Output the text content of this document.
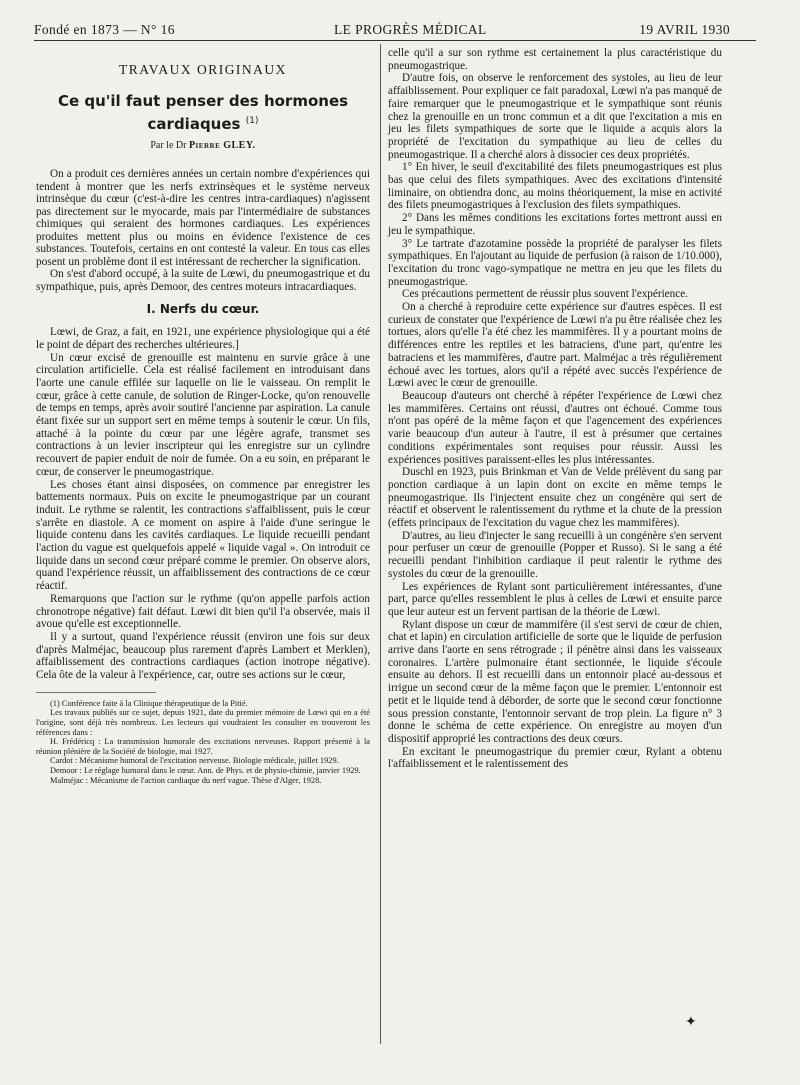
Fondé en 1873 — N° 16	LE PROGRÈS MÉDICAL	19 AVRIL 1930
TRAVAUX ORIGINAUX
Ce qu'il faut penser des hormones cardiaques $^{(1)}$
Par le Dr Pierre GLEY.

On a produit ces dernières années un certain nombre d'expériences qui tendent à montrer que les nerfs extrinsèques et le système nerveux intrinsèque du cœur (c'est-à-dire les centres intra-cardiaques) n'agissent pas directement sur le myocarde, mais par l'intermédiaire de substances chimiques qui seraient des hormones cardiaques. Les expériences produites mettent plus ou moins en évidence l'existence de ces substances. Toutefois, certains en ont contesté la valeur. En tous cas elles posent un problème dont il est intéressant de rechercher la signification.

On s'est d'abord occupé, à la suite de Lœwi, du pneumogastrique et du sympathique, puis, après Demoor, des centres moteurs intracardiaques.

I. Nerfs du cœur.

Lœwi, de Graz, a fait, en 1921, une expérience physiologique qui a été le point de départ des recherches ultérieures.]

Un cœur excisé de grenouille est maintenu en survie grâce à une circulation artificielle. Cela est réalisé facilement en introduisant dans l'aorte une canule effilée sur laquelle on lie le vaisseau. On remplit le cœur, grâce à cette canule, de solution de Ringer-Locke, qu'on renouvelle de temps en temps, après avoir soutiré l'ancienne par aspiration. La canule étant fixée sur un support sert en même temps à soutenir le cœur. Un fils, attaché à la pointe du cœur par une légère agrafe, transmet ses contractions à un levier inscripteur qui les enregistre sur un cylindre recouvert de papier enduit de noir de fumée. On a eu soin, en préparant le cœur, de conserver le pneumogastrique.

Les choses étant ainsi disposées, on commence par enregistrer les battements normaux. Puis on excite le pneumogastrique par un courant induit. Le rythme se ralentit, les contractions s'affaiblissent, puis le cœur s'arrête en diastole. A ce moment on aspire à l'aide d'une seringue le liquide contenu dans les cavités cardiaques. Le liquide recueilli pendant l'action du vague est quelquefois appelé « liquide vagal ». On introduit ce liquide dans un second cœur préparé comme le premier. On observe alors, quand l'expérience réussit, un affaiblissement des contractions de ce cœur réactif.

Remarquons que l'action sur le rythme (qu'on appelle parfois action chronotrope négative) fait défaut. Lœwi dit bien qu'il l'a observée, mais il avoue qu'elle est exceptionnelle.

Il y a surtout, quand l'expérience réussit (environ une fois sur deux d'après Malméjac, beaucoup plus rarement d'après Lambert et Merklen), affaiblissement des contractions cardiaques (action inotrope négative). Cela ôte de la valeur à l'expérience, car, outre ses actions sur le cœur,

(1) Conférence faite à la Clinique thérapeutique de la Pitié.

Les travaux publiés sur ce sujet, depuis 1921, date du premier mémoire de Lœwi qui en a été l'origine, sont déjà très nombreux. Les lecteurs qui voudraient les consulter en trouveront les références dans :

H. Frédéricq : La transmission humorale des excitations nerveuses. Rapport présenté à la réunion plénière de la Société de biologie, mai 1927.

Cardot : Mécanisme humoral de l'excitation nerveuse. Biologie médicale, juillet 1929.

Demoor : Le réglage humoral dans le cœur. Ann. de Phys. et de physio-chimie, janvier 1929.

Malméjac : Mécanisme de l'action cardiaque du nerf vague. Thèse d'Alger, 1928.

celle qu'il a sur son rythme est certainement la plus caractéristique du pneumogastrique.

D'autre fois, on observe le renforcement des systoles, au lieu de leur affaiblissement. Pour expliquer ce fait paradoxal, Lœwi n'a pas manqué de faire remarquer que le pneumogastrique et le sympathique sont réunis chez la grenouille en un tronc commun et a dit que l'excitation a mis en jeu les filets sympathiques de sorte que le liquide a acquis alors la propriété de l'excitation du sympathique au lieu de celles du pneumogastrique. Il a cherché alors à dissocier ces deux propriétés.

1° En hiver, le seuil d'excitabilité des filets pneumogastriques est plus bas que celui des filets sympathiques. Avec des excitations d'intensité liminaire, on obtiendra donc, au moins théoriquement, la mise en activité des filets pneumogastriques à l'exclusion des filets sympathiques.

2° Dans les mêmes conditions les excitations fortes mettront aussi en jeu le sympathique.

3° Le tartrate d'azotamine possède la propriété de paralyser les filets sympathiques. En l'ajoutant au liquide de perfusion (à raison de 1/10.000), l'excitation du tronc vago-sympatique ne mettra en jeu que les filets du pneumogastrique.

Ces précautions permettent de réussir plus souvent l'expérience.

On a cherché à reproduire cette expérience sur d'autres espèces. Il est curieux de constater que l'expérience de Lœwi n'a pu être réalisée chez les tortues, alors qu'elle l'a été chez les mammifères. Il y a pourtant moins de différences entre les reptiles et les batraciens, d'une part, qu'entre les batraciens et les mammifères, d'autre part. Malméjac a très régulièrement échoué avec les tortues, alors qu'il a répété avec succès l'expérience de Lœwi avec le cœur de grenouille.

Beaucoup d'auteurs ont cherché à répéter l'expérience de Lœwi chez les mammifères. Certains ont réussi, d'autres ont échoué. Comme tous n'ont pas opéré de la même façon et que l'agencement des expériences varie beaucoup d'un auteur à l'autre, il est à présumer que certaines conditions expérimentales sont requises pour réussir. Aussi les expériences positives paraissent-elles les plus intéressantes.

Duschl en 1923, puis Brinkman et Van de Velde prélèvent du sang par ponction cardiaque à un lapin dont on excite en même temps le pneumogastrique. Ils l'injectent ensuite chez un congénère qui sert de réactif et observent le ralentissement du rythme et la chute de la pression (effets principaux de l'excitation du vague chez les mammifères).

D'autres, au lieu d'injecter le sang recueilli à un congénère s'en servent pour perfuser un cœur de grenouille (Popper et Russo). Si le sang a été recueilli pendant l'inhibition cardiaque il peut ralentir le rythme des systoles du cœur de la grenouille.

Les expériences de Rylant sont particulièrement intéressantes, d'une part, parce qu'elles ressemblent le plus à celles de Lœwi et ensuite parce que leur auteur est un fervent partisan de la théorie de Lœwi.

Rylant dispose un cœur de mammifère (il s'est servi de cœur de chien, chat et lapin) en circulation artificielle de sorte que le liquide de perfusion arrive dans l'aorte en sens rétrograde ; il pénètre ainsi dans les vaisseaux coronaires. L'artère pulmonaire étant sectionnée, le liquide s'écoule ensuite au dehors. Il est recueilli dans un entonnoir placé au-dessous et irrigue un second cœur de la même façon que le premier. L'entonnoir est petit et le liquide tend à déborder, de sorte que le second cœur fonctionne sous pression constante, l'entonnoir servant de trop plein. La figure n° 3 donne le schéma de cette expérience. On enregistre au moyen d'un dispositif approprié les contractions des deux cœurs.

En excitant le pneumogastrique du premier cœur, Rylant a obtenu l'affaiblissement et le ralentissement des

✦
